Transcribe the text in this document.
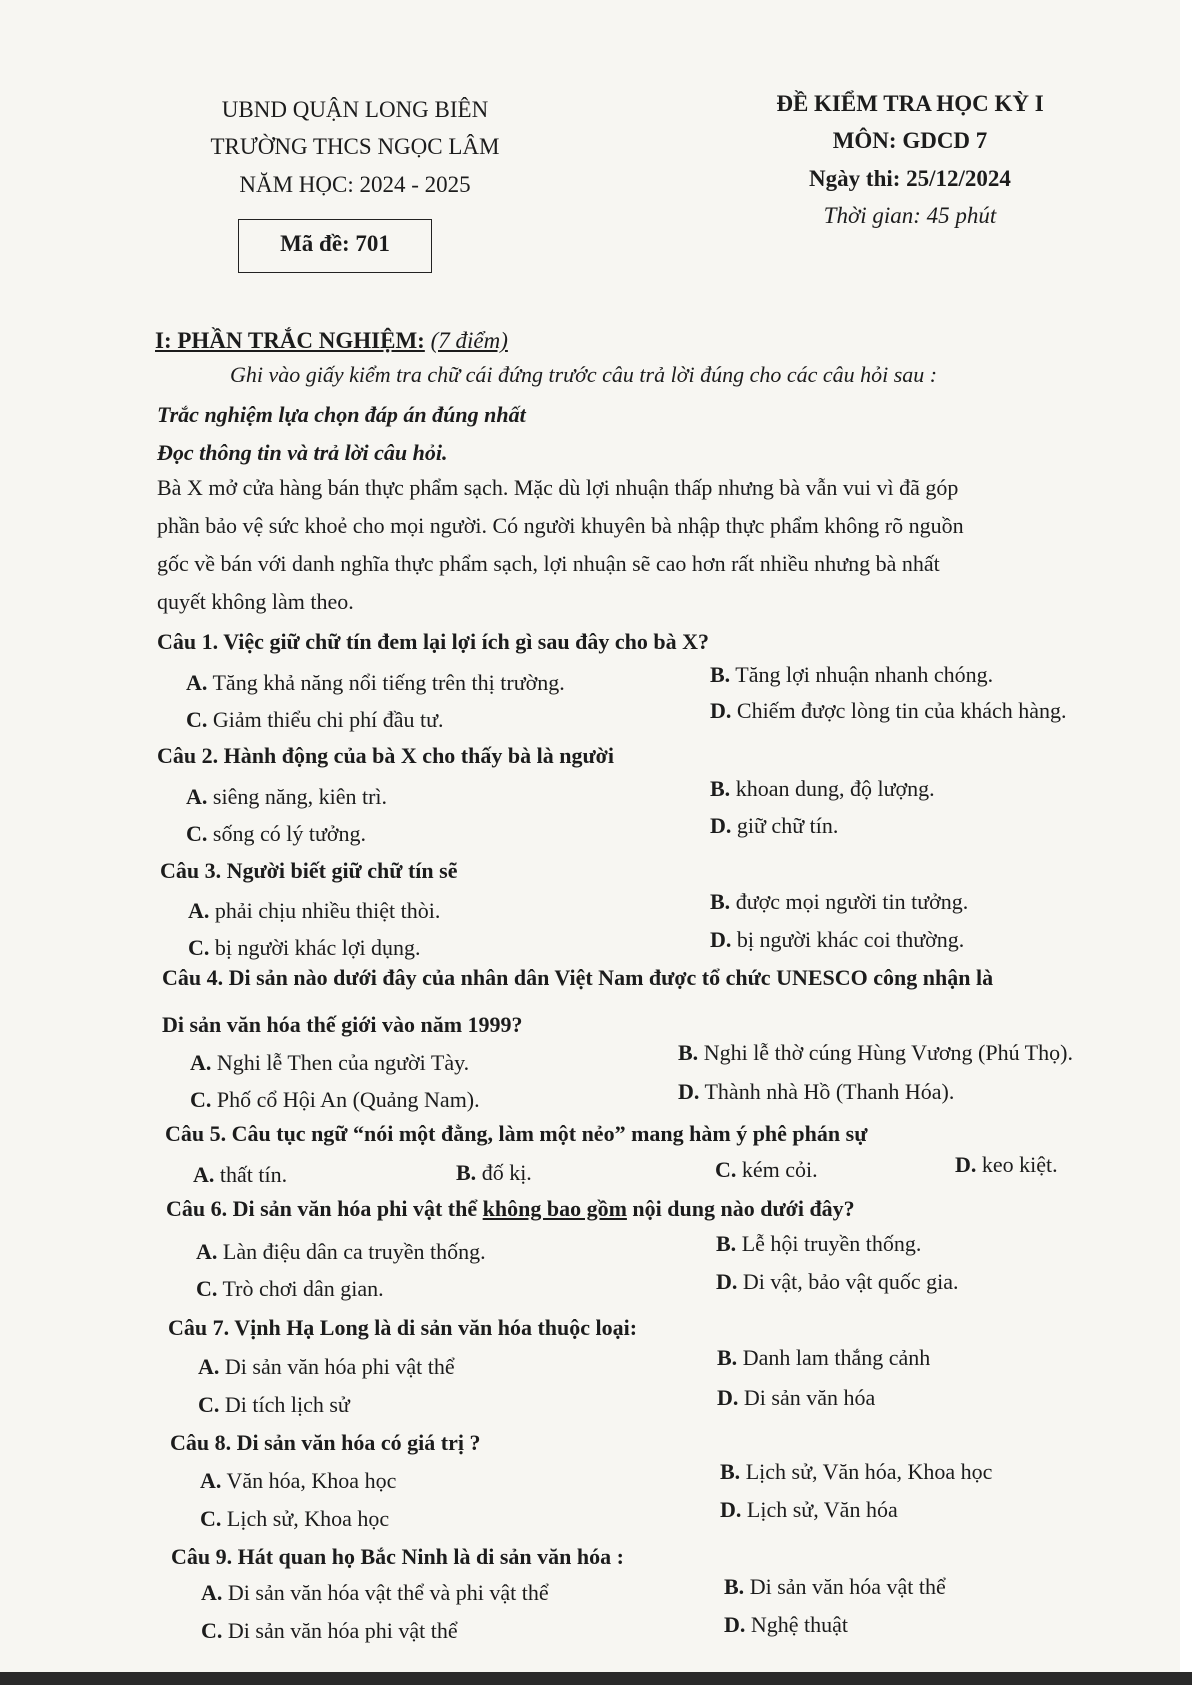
UBND QUẬN LONG BIÊN
TRƯỜNG THCS NGỌC LÂM
NĂM HỌC: 2024 - 2025
ĐỀ KIỂM TRA HỌC KỲ I
MÔN: GDCD 7
Ngày thi: 25/12/2024
Thời gian: 45 phút
Mã đề: 701
I: PHẦN TRẮC NGHIỆM: (7 điểm)
Ghi vào giấy kiểm tra chữ cái đứng trước câu trả lời đúng cho các câu hỏi sau :
Trắc nghiệm lựa chọn đáp án đúng nhất
Đọc thông tin và trả lời câu hỏi.
Bà X mở cửa hàng bán thực phẩm sạch. Mặc dù lợi nhuận thấp nhưng bà vẫn vui vì đã góp
phần bảo vệ sức khoẻ cho mọi người. Có người khuyên bà nhập thực phẩm không rõ nguồn
gốc về bán với danh nghĩa thực phẩm sạch, lợi nhuận sẽ cao hơn rất nhiều nhưng bà nhất
quyết không làm theo.
Câu 1. Việc giữ chữ tín đem lại lợi ích gì sau đây cho bà X?
A. Tăng khả năng nổi tiếng trên thị trường.	B. Tăng lợi nhuận nhanh chóng.
C. Giảm thiểu chi phí đầu tư.	D. Chiếm được lòng tin của khách hàng.
Câu 2. Hành động của bà X cho thấy bà là người
A. siêng năng, kiên trì.	B. khoan dung, độ lượng.
C. sống có lý tưởng.	D. giữ chữ tín.
Câu 3. Người biết giữ chữ tín sẽ
A. phải chịu nhiều thiệt thòi.	B. được mọi người tin tưởng.
C. bị người khác lợi dụng.	D. bị người khác coi thường.
Câu 4. Di sản nào dưới đây của nhân dân Việt Nam được tổ chức UNESCO công nhận là
Di sản văn hóa thế giới vào năm 1999?
A. Nghi lễ Then của người Tày.	B. Nghi lễ thờ cúng Hùng Vương (Phú Thọ).
C. Phố cổ Hội An (Quảng Nam).	D. Thành nhà Hồ (Thanh Hóa).
Câu 5. Câu tục ngữ “nói một đằng, làm một nẻo” mang hàm ý phê phán sự
A. thất tín.	B. đố kị.	C. kém cỏi.	D. keo kiệt.
Câu 6. Di sản văn hóa phi vật thể không bao gồm nội dung nào dưới đây?
A. Làn điệu dân ca truyền thống.	B. Lễ hội truyền thống.
C. Trò chơi dân gian.	D. Di vật, bảo vật quốc gia.
Câu 7. Vịnh Hạ Long là di sản văn hóa thuộc loại:
A. Di sản văn hóa phi vật thể	B. Danh lam thắng cảnh
C. Di tích lịch sử	D. Di sản văn hóa
Câu 8. Di sản văn hóa có giá trị ?
A. Văn hóa, Khoa học	B. Lịch sử, Văn hóa, Khoa học
C. Lịch sử, Khoa học	D. Lịch sử, Văn hóa
Câu 9. Hát quan họ Bắc Ninh là di sản văn hóa :
A. Di sản văn hóa vật thể và phi vật thể	B. Di sản văn hóa vật thể
C. Di sản văn hóa phi vật thể	D. Nghệ thuật
